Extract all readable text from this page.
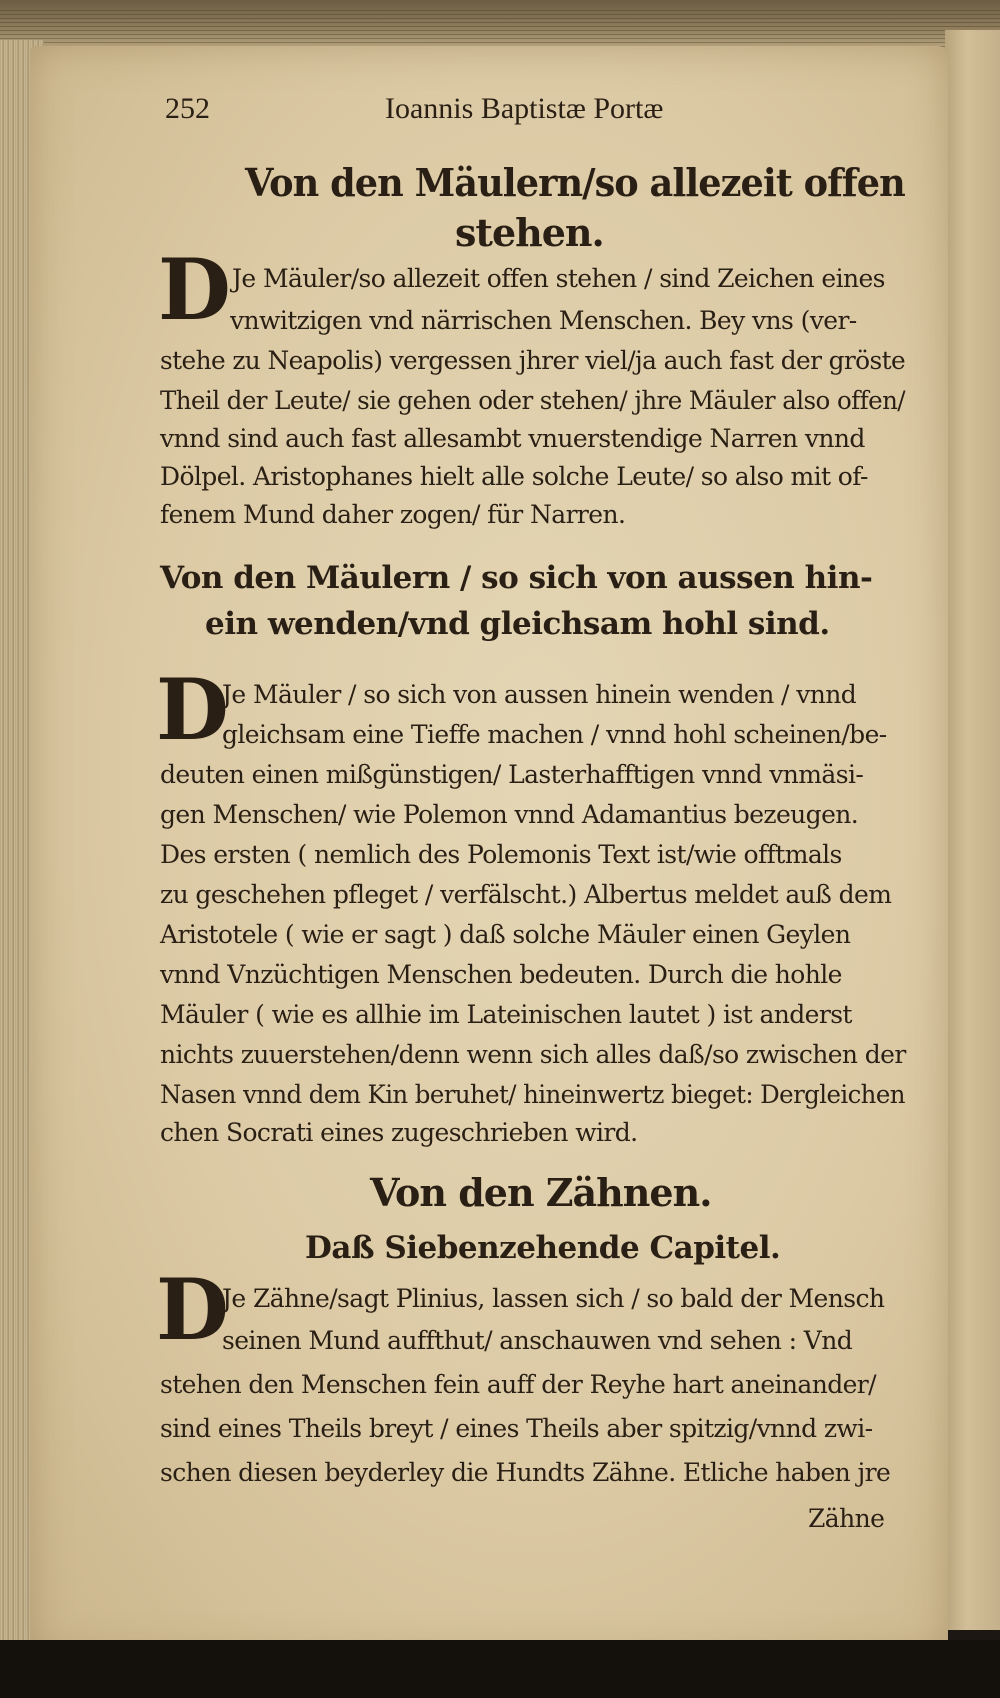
252	Ioannis Baptistæ Portæ
Von den Mäulern/so allezeit offen
stehen.
D Je Mäuler/so allezeit offen stehen / sind Zeichen eines
vnwitzigen vnd närrischen Menschen. Bey vns (ver-
stehe zu Neapolis) vergessen jhrer viel/ja auch fast der gröste
Theil der Leute/ sie gehen oder stehen/ jhre Mäuler also offen/
vnnd sind auch fast allesambt vnuerstendige Narren vnnd
Dölpel. Aristophanes hielt alle solche Leute/ so also mit of-
fenem Mund daher zogen/ für Narren.
Von den Mäulern / so sich von aussen hin-
ein wenden/vnd gleichsam hohl sind.
D
Je Mäuler / so sich von aussen hinein wenden / vnnd
gleichsam eine Tieffe machen / vnnd hohl scheinen/be-
deuten einen mißgünstigen/ Lasterhafftigen vnnd vnmäsi-
gen Menschen/ wie Polemon vnnd Adamantius bezeugen.
Des ersten ( nemlich des Polemonis Text ist/wie offtmals
zu geschehen pfleget / verfälscht.) Albertus meldet auß dem
Aristotele ( wie er sagt ) daß solche Mäuler einen Geylen
vnnd Vnzüchtigen Menschen bedeuten. Durch die hohle
Mäuler ( wie es allhie im Lateinischen lautet ) ist anderst
nichts zuuerstehen/denn wenn sich alles daß/so zwischen der
Nasen vnnd dem Kin beruhet/ hineinwertz bieget: Dergleichen
chen Socrati eines zugeschrieben wird.
Von den Zähnen.
Daß Siebenzehende Capitel.
D
Je Zähne/sagt Plinius, lassen sich / so bald der Mensch
seinen Mund auffthut/ anschauwen vnd sehen : Vnd
stehen den Menschen fein auff der Reyhe hart aneinander/
sind eines Theils breyt / eines Theils aber spitzig/vnnd zwi-
schen diesen beyderley die Hundts Zähne. Etliche haben jre
Zähne
